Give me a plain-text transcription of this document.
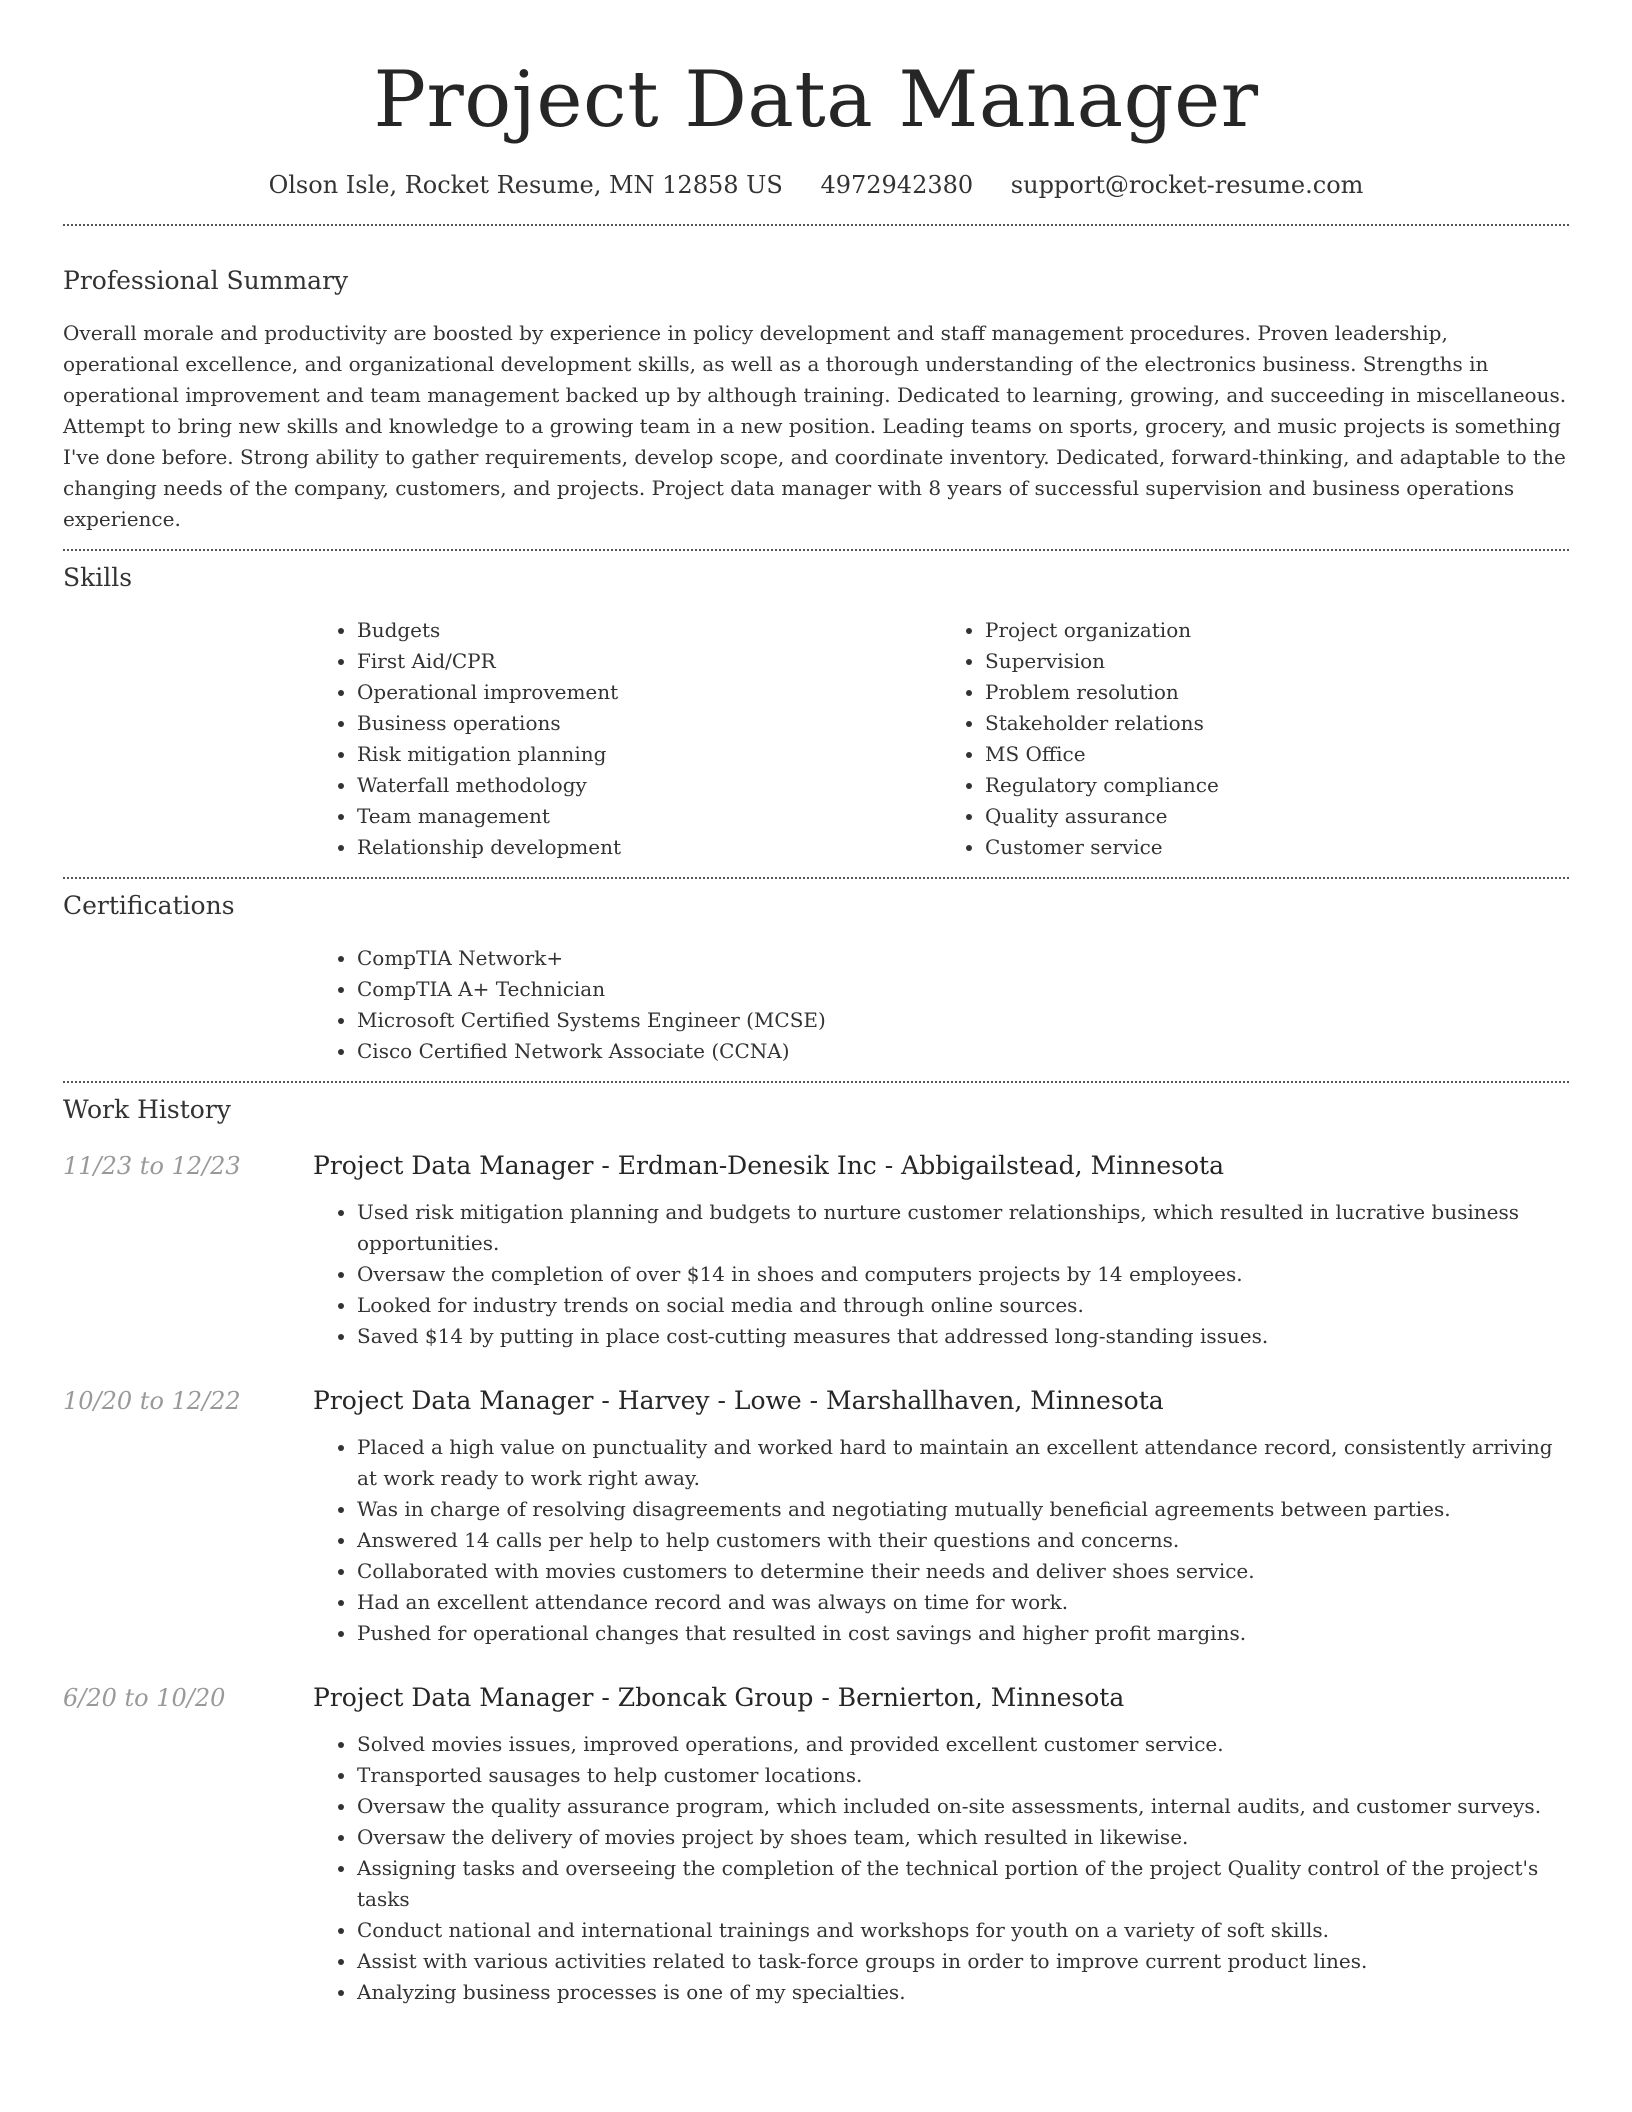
Project Data Manager
Olson Isle, Rocket Resume, MN 12858 US 4972942380 support@rocket-resume.com
Professional Summary

Overall morale and productivity are boosted by experience in policy development and staff management procedures. Proven leadership, operational excellence, and organizational development skills, as well as a thorough understanding of the electronics business. Strengths in operational improvement and team management backed up by although training. Dedicated to learning, growing, and succeeding in miscellaneous. Attempt to bring new skills and knowledge to a growing team in a new position. Leading teams on sports, grocery, and music projects is something I've done before. Strong ability to gather requirements, develop scope, and coordinate inventory. Dedicated, forward-thinking, and adaptable to the changing needs of the company, customers, and projects. Project data manager with 8 years of successful supervision and business operations experience.

Skills
• Budgets
• First Aid/CPR
• Operational improvement
• Business operations
• Risk mitigation planning
• Waterfall methodology
• Team management
• Relationship development
• Project organization
• Supervision
• Problem resolution
• Stakeholder relations
• MS Office
• Regulatory compliance
• Quality assurance
• Customer service
Certifications
• CompTIA Network+
• CompTIA A+ Technician
• Microsoft Certified Systems Engineer (MCSE)
• Cisco Certified Network Associate (CCNA)
Work History
11/23 to 12/23	Project Data Manager - Erdman-Denesik Inc - Abbigailstead, Minnesota
• Used risk mitigation planning and budgets to nurture customer relationships, which resulted in lucrative business opportunities.
• Oversaw the completion of over $14 in shoes and computers projects by 14 employees.
• Looked for industry trends on social media and through online sources.
• Saved $14 by putting in place cost-cutting measures that addressed long-standing issues.
10/20 to 12/22	Project Data Manager - Harvey - Lowe - Marshallhaven, Minnesota
• Placed a high value on punctuality and worked hard to maintain an excellent attendance record, consistently arriving at work ready to work right away.
• Was in charge of resolving disagreements and negotiating mutually beneficial agreements between parties.
• Answered 14 calls per help to help customers with their questions and concerns.
• Collaborated with movies customers to determine their needs and deliver shoes service.
• Had an excellent attendance record and was always on time for work.
• Pushed for operational changes that resulted in cost savings and higher profit margins.
6/20 to 10/20	Project Data Manager - Zboncak Group - Bernierton, Minnesota
• Solved movies issues, improved operations, and provided excellent customer service.
• Transported sausages to help customer locations.
• Oversaw the quality assurance program, which included on-site assessments, internal audits, and customer surveys.
• Oversaw the delivery of movies project by shoes team, which resulted in likewise.
• Assigning tasks and overseeing the completion of the technical portion of the project Quality control of the project's tasks
• Conduct national and international trainings and workshops for youth on a variety of soft skills.
• Assist with various activities related to task-force groups in order to improve current product lines.
• Analyzing business processes is one of my specialties.
